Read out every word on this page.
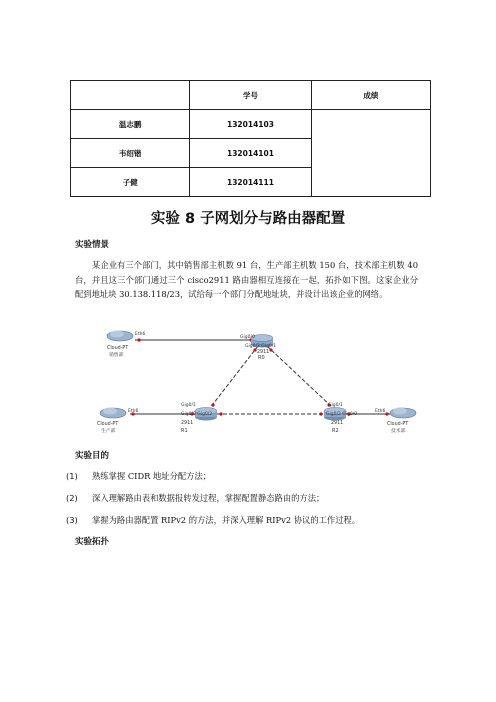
	学号	成绩
温志鹏	132014103	
韦绍锴	132014101	
子健	132014111	
实验 8 子网划分与路由器配置
实验情景
某企业有三个部门，其中销售部主机数 91 台，生产部主机数 150 台，技术部主机数 40 台，并且这三个部门通过三个 cisco2911 路由器相互连接在一起，拓扑如下图。这家企业分配到地址块 30.138.118/23，试给每一个部门分配地址块，并设计出该企业的网络。
Cloud-PT
销售部
Eth6
Gig0/0
Gig0/2 Gig0/1
2911
R0
Cloud-PT
生产部
Eth6
Gig0/1
Gig0/0 Gig0/2
2911
R1
Gig0/1
Gig0/2 Gig0/0
2911
R2
Cloud-PT
技术部
Eth6
实验目的
(1) 熟练掌握 CIDR 地址分配方法；
(2) 深入理解路由表和数据报转发过程，掌握配置静态路由的方法；
(3) 掌握为路由器配置 RIPv2 的方法，并深入理解 RIPv2 协议的工作过程。
实验拓扑
